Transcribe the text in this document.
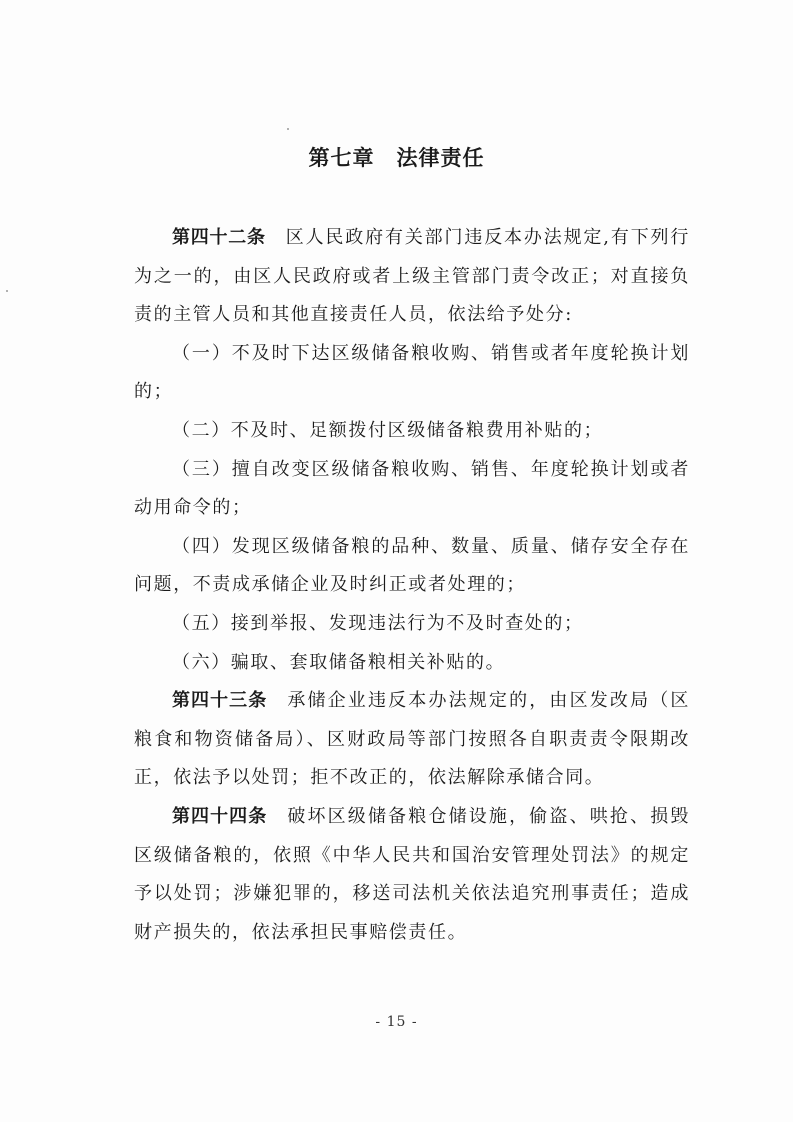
第七章 法律责任

第四十二条 区人民政府有关部门违反本办法规定,有下列行为之一的，由区人民政府或者上级主管部门责令改正；对直接负责的主管人员和其他直接责任人员，依法给予处分:

（一）不及时下达区级储备粮收购、销售或者年度轮换计划的；

（二）不及时、足额拨付区级储备粮费用补贴的；

（三）擅自改变区级储备粮收购、销售、年度轮换计划或者动用命令的；

（四）发现区级储备粮的品种、数量、质量、储存安全存在问题，不责成承储企业及时纠正或者处理的；

（五）接到举报、发现违法行为不及时查处的；

（六）骗取、套取储备粮相关补贴的。

第四十三条 承储企业违反本办法规定的，由区发改局（区粮食和物资储备局）、区财政局等部门按照各自职责责令限期改正，依法予以处罚；拒不改正的，依法解除承储合同。

第四十四条 破坏区级储备粮仓储设施，偷盗、哄抢、损毁区级储备粮的，依照《中华人民共和国治安管理处罚法》的规定予以处罚；涉嫌犯罪的，移送司法机关依法追究刑事责任；造成财产损失的，依法承担民事赔偿责任。

- 15 -
